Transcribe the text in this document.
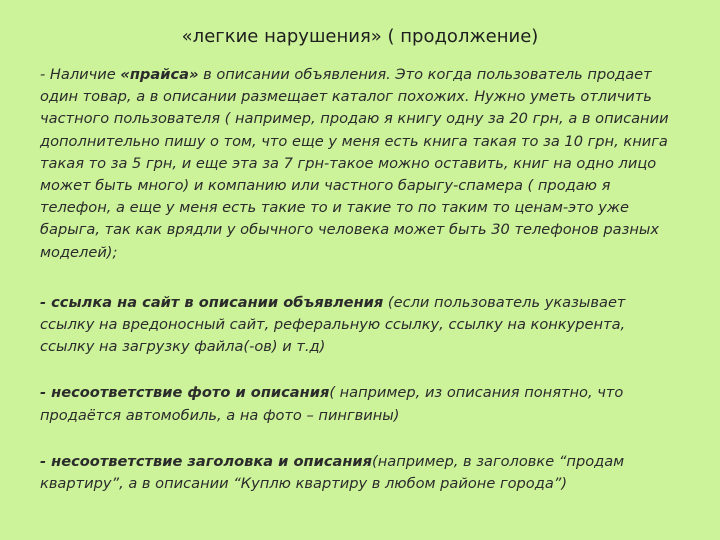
«легкие нарушения» ( продолжение)

- Наличие «прайса» в описании объявления. Это когда пользователь продает один товар, а в описании размещает каталог похожих. Нужно уметь отличить частного пользователя ( например, продаю я книгу одну за 20 грн, а в описании дополнительно пишу о том, что еще у меня есть книга такая то за 10 грн, книга такая то за 5 грн, и еще эта за 7 грн-такое можно оставить, книг на одно лицо может быть много) и компанию или частного барыгу-спамера ( продаю я телефон, а еще у меня есть такие то и такие то по таким то ценам-это уже барыга, так как врядли у обычного человека может быть 30 телефонов разных моделей);

- ссылка на сайт в описании объявления (если пользователь указывает ссылку на вредоносный сайт, реферальную ссылку, ссылку на конкурента, ссылку на загрузку файла(-ов) и т.д)

- несоответствие фото и описания( например, из описания понятно, что продаётся автомобиль, а на фото – пингвины)

- несоответствие заголовка и описания(например, в заголовке “продам квартиру”, а в описании “Куплю квартиру в любом районе города”)
